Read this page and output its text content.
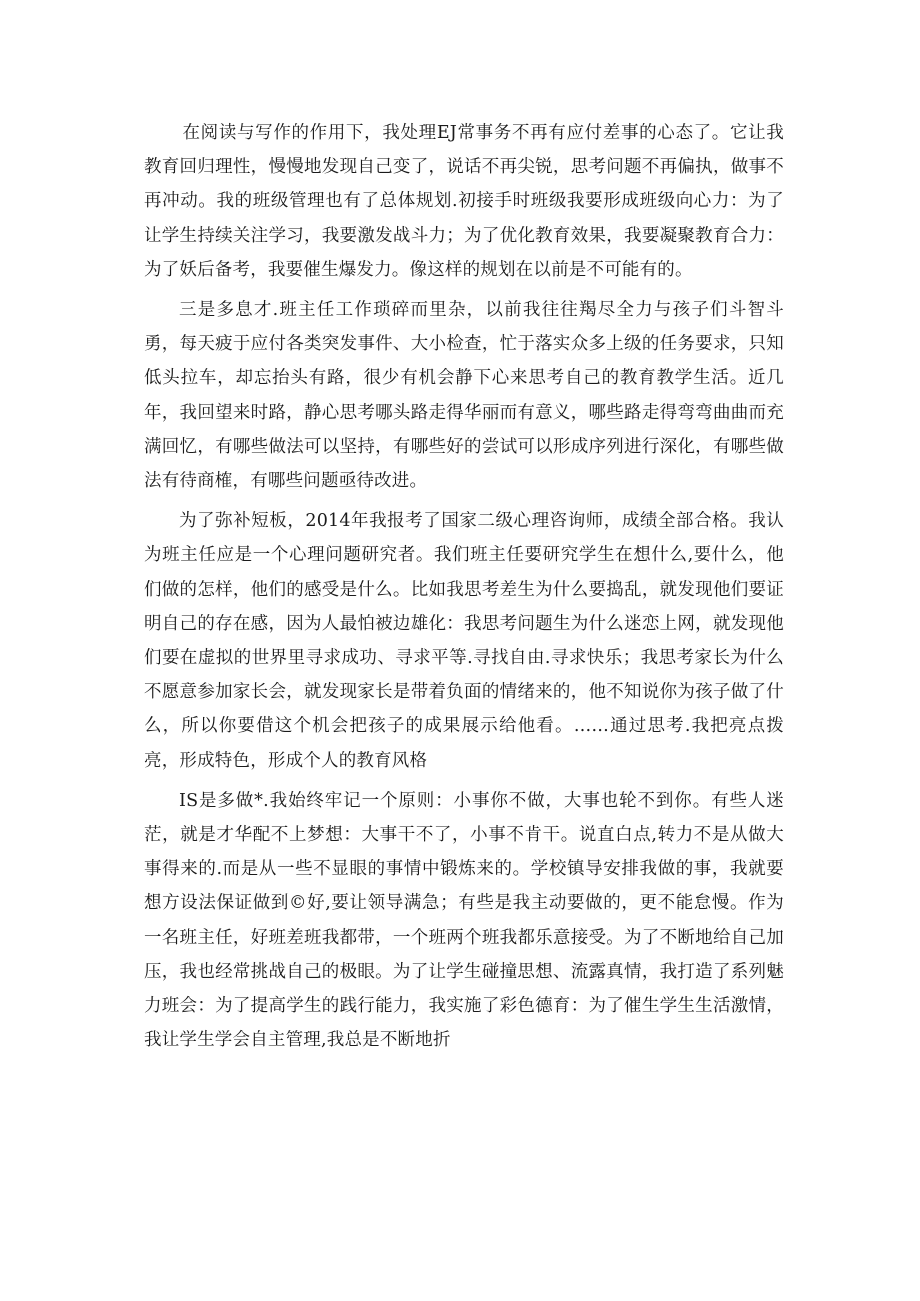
在阅读与写作的作用下，我处理EJ常事务不再有应付差事的心态了。它让我教育回归理性，慢慢地发现自己变了，说话不再尖锐，思考问题不再偏执，做事不再冲动。我的班级管理也有了总体规划.初接手时班级我要形成班级向心力：为了让学生持续关注学习，我要激发战斗力；为了优化教育效果，我要凝聚教育合力：为了妖后备考，我要催生爆发力。像这样的规划在以前是不可能有的。

三是多息才.班主任工作琐碎而里杂，以前我往往羯尽全力与孩子们斗智斗勇，每天疲于应付各类突发事件、大小检查，忙于落实众多上级的任务要求，只知低头拉车，却忘抬头有路，很少有机会静下心来思考自己的教育教学生活。近几年，我回望来时路，静心思考哪头路走得华丽而有意义，哪些路走得弯弯曲曲而充满回忆，有哪些做法可以坚持，有哪些好的尝试可以形成序列进行深化，有哪些做法有待商榷，有哪些问题亟待改进。

为了弥补短板，2014年我报考了国家二级心理咨询师，成绩全部合格。我认为班主任应是一个心理问题研究者。我们班主任要研究学生在想什么,要什么，他们做的怎样，他们的感受是什么。比如我思考差生为什么要捣乱，就发现他们要证明自己的存在感，因为人最怕被边雄化：我思考问题生为什么迷恋上网，就发现他们要在虚拟的世界里寻求成功、寻求平等.寻找自由.寻求快乐；我思考家长为什么不愿意参加家长会，就发现家长是带着负面的情绪来的，他不知说你为孩子做了什么，所以你要借这个机会把孩子的成果展示给他看。……通过思考.我把亮点拨亮，形成特色，形成个人的教育风格

IS是多做*.我始终牢记一个原则：小事你不做，大事也轮不到你。有些人迷茫，就是才华配不上梦想：大事干不了，小事不肯干。说直白点,转力不是从做大事得来的.而是从一些不显眼的事情中锻炼来的。学校镇导安排我做的事，我就要想方设法保证做到©好,要让领导满急；有些是我主动要做的，更不能怠慢。作为一名班主任，好班差班我都带，一个班两个班我都乐意接受。为了不断地给自己加压，我也经常挑战自己的极眼。为了让学生碰撞思想、流露真情，我打造了系列魅力班会：为了提高学生的践行能力，我实施了彩色德育：为了催生学生生活激情，我让学生学会自主管理,我总是不断地折
